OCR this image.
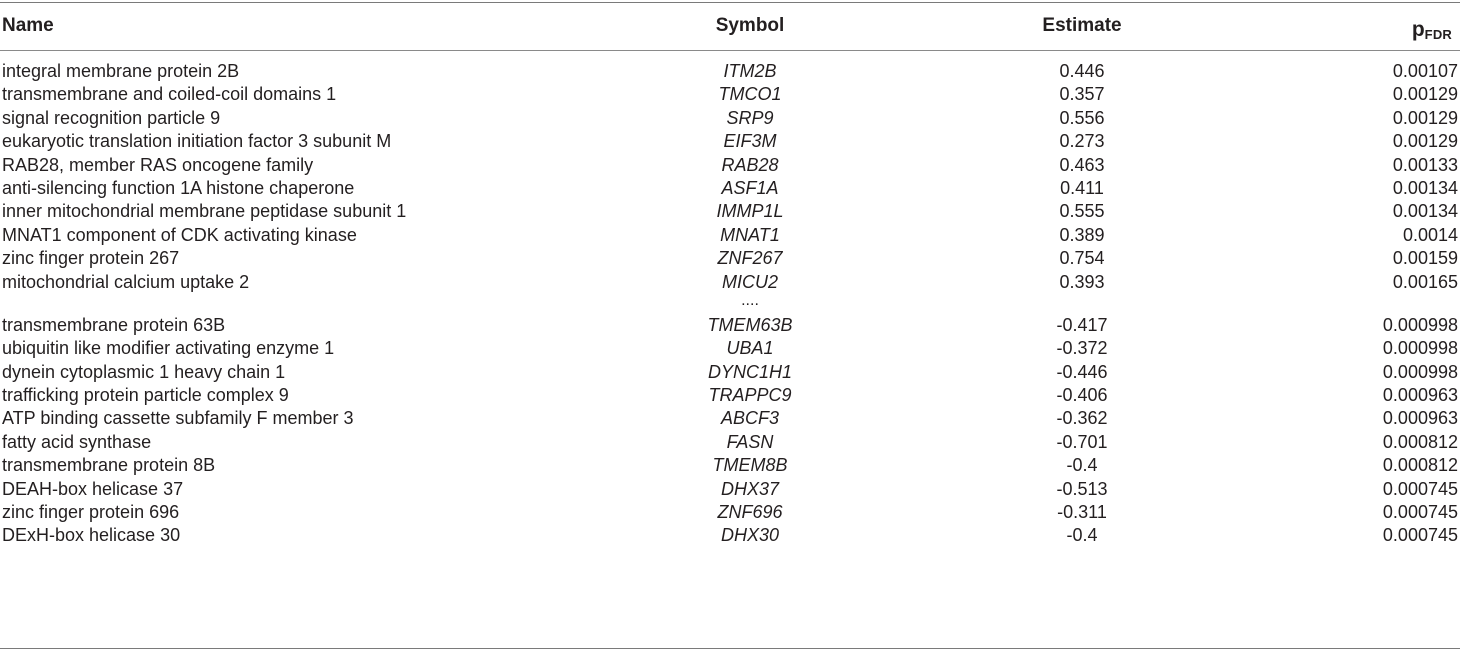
Name	Symbol	Estimate	$p_{FDR}$
integral membrane protein 2B	ITM2B	0.446	0.00107
transmembrane and coiled-coil domains 1	TMCO1	0.357	0.00129
signal recognition particle 9	SRP9	0.556	0.00129
eukaryotic translation initiation factor 3 subunit M	EIF3M	0.273	0.00129
RAB28, member RAS oncogene family	RAB28	0.463	0.00133
anti-silencing function 1A histone chaperone	ASF1A	0.411	0.00134
inner mitochondrial membrane peptidase subunit 1	IMMP1L	0.555	0.00134
MNAT1 component of CDK activating kinase	MNAT1	0.389	0.0014
zinc finger protein 267	ZNF267	0.754	0.00159
mitochondrial calcium uptake 2	MICU2	0.393	0.00165
....
transmembrane protein 63B	TMEM63B	-0.417	0.000998
ubiquitin like modifier activating enzyme 1	UBA1	-0.372	0.000998
dynein cytoplasmic 1 heavy chain 1	DYNC1H1	-0.446	0.000998
trafficking protein particle complex 9	TRAPPC9	-0.406	0.000963
ATP binding cassette subfamily F member 3	ABCF3	-0.362	0.000963
fatty acid synthase	FASN	-0.701	0.000812
transmembrane protein 8B	TMEM8B	-0.4	0.000812
DEAH-box helicase 37	DHX37	-0.513	0.000745
zinc finger protein 696	ZNF696	-0.311	0.000745
DExH-box helicase 30	DHX30	-0.4	0.000745
